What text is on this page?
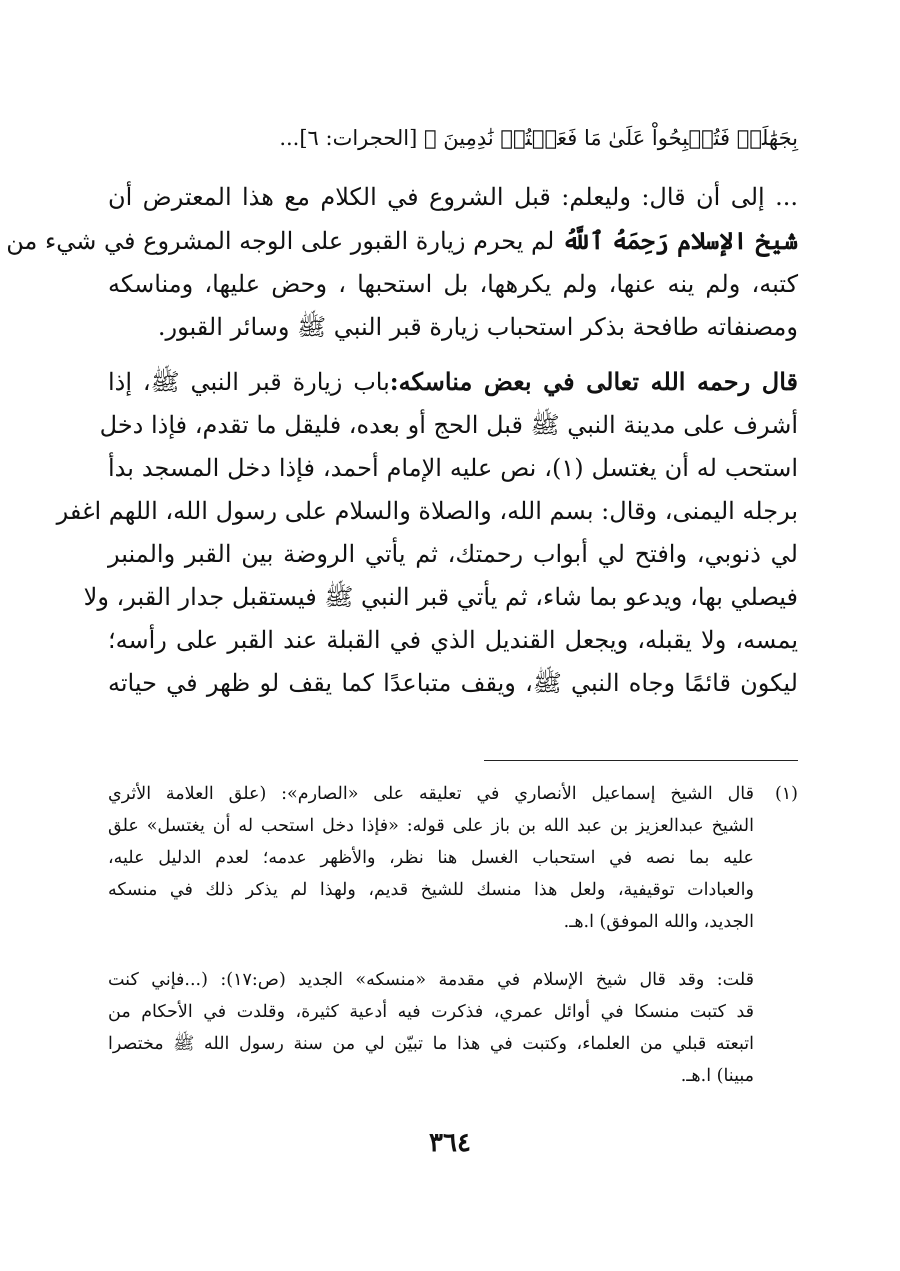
بِجَهَٰلَةٖ فَتُصۡبِحُواْ عَلَىٰ مَا فَعَلۡتُمۡ نَٰدِمِينَ ﴾ [الحجرات: ٦]...
... إلى أن قال: وليعلم: قبل الشروع في الكلام مع هذا المعترض أن
شيخ الإسلام رَحِمَهُ ٱللَّهُ لم يحرم زيارة القبور على الوجه المشروع في شيء من
كتبه، ولم ينه عنها، ولم يكرهها، بل استحبها ، وحض عليها، ومناسكه
ومصنفاته طافحة بذكر استحباب زيارة قبر النبي ﷺ وسائر القبور.
قال رحمه الله تعالى في بعض مناسكه:باب زيارة قبر النبي ﷺ، إذا
أشرف على مدينة النبي ﷺ قبل الحج أو بعده، فليقل ما تقدم، فإذا دخل
استحب له أن يغتسل (١)، نص عليه الإمام أحمد، فإذا دخل المسجد بدأ
برجله اليمنى، وقال: بسم الله، والصلاة والسلام على رسول الله، اللهم اغفر
لي ذنوبي، وافتح لي أبواب رحمتك، ثم يأتي الروضة بين القبر والمنبر
فيصلي بها، ويدعو بما شاء، ثم يأتي قبر النبي ﷺ فيستقبل جدار القبر، ولا
يمسه، ولا يقبله، ويجعل القنديل الذي في القبلة عند القبر على رأسه؛
ليكون قائمًا وجاه النبي ﷺ، ويقف متباعدًا كما يقف لو ظهر في حياته
(١)
قال الشيخ إسماعيل الأنصاري في تعليقه على «الصارم»: (علق العلامة الأثري
الشيخ عبدالعزيز بن عبد الله بن باز على قوله: «فإذا دخل استحب له أن يغتسل» علق
عليه بما نصه في استحباب الغسل هنا نظر، والأظهر عدمه؛ لعدم الدليل عليه،
والعبادات توقيفية، ولعل هذا منسك للشيخ قديم، ولهذا لم يذكر ذلك في منسكه
الجديد، والله الموفق) ا.هـ.
قلت: وقد قال شيخ الإسلام في مقدمة «منسكه» الجديد (ص:١٧): (...فإني كنت
قد كتبت منسكا في أوائل عمري، فذكرت فيه أدعية كثيرة، وقلدت في الأحكام من
اتبعته قبلي من العلماء، وكتبت في هذا ما تبيّن لي من سنة رسول الله ﷺ مختصرا
مبينا) ا.هـ.
٣٦٤
